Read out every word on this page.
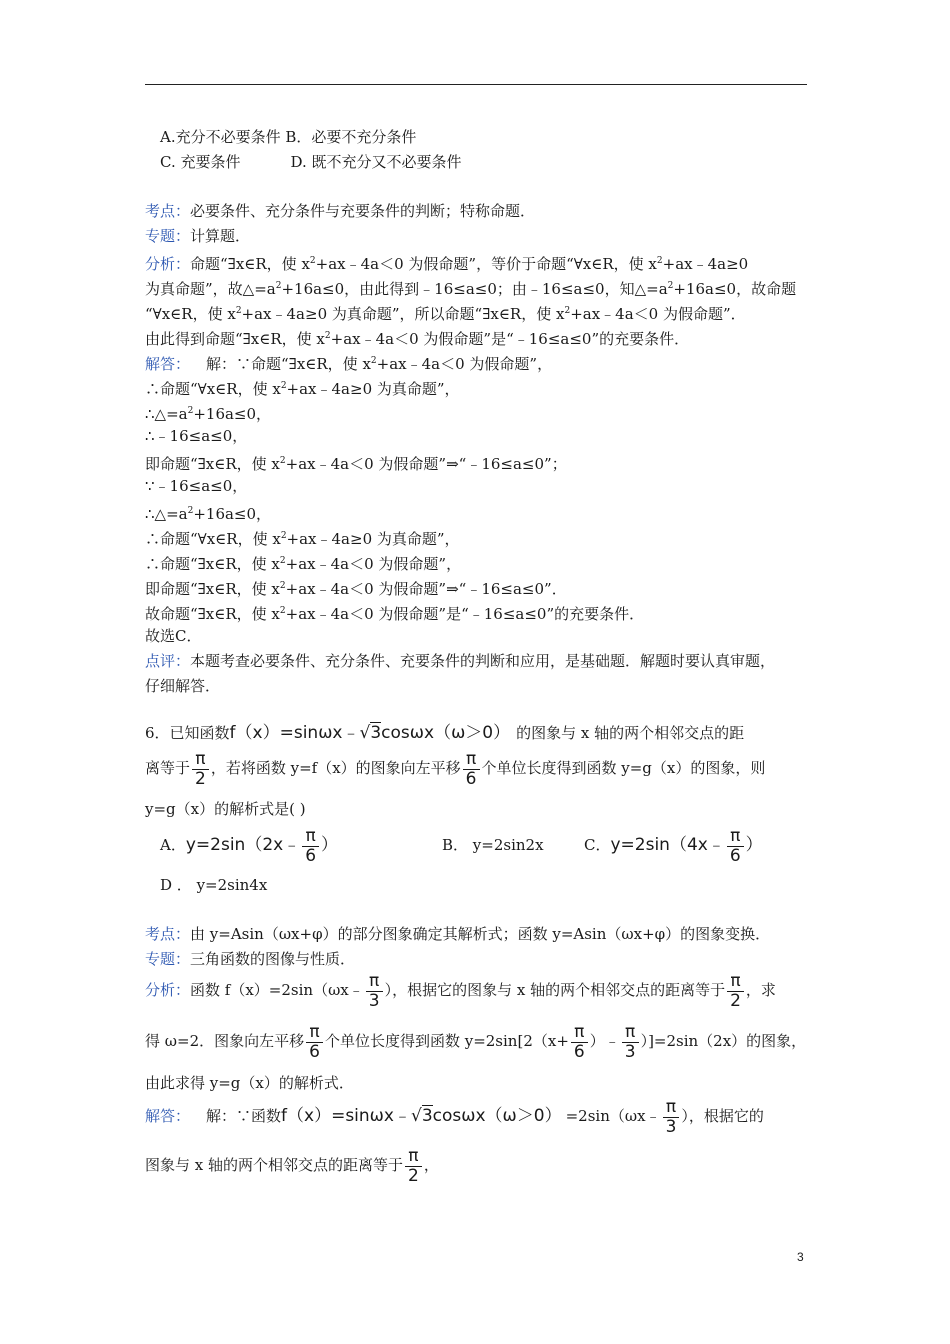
A.充分不必要条件 B．必要不充分条件
C. 充要条件	D. 既不充分又不必要条件
考点：必要条件、充分条件与充要条件的判断；特称命题．
专题：计算题．
分析：命题“∃x∈R，使 $x^2+ax﹣4a<0$ 为假命题”，等价于命题“∀x∈R，使 $x^2+ax﹣4a\ge 0$
为真命题”，故$\triangle=a^2+16a\le 0$，由此得到﹣16≤a≤0；由﹣16≤a≤0，知$\triangle=a^2+16a\le 0$，故命题
“∀x∈R，使 $x^2+ax﹣4a\ge 0$ 为真命题”，所以命题“∃x∈R，使 $x^2+ax﹣4a<0$ 为假命题”．
由此得到命题“∃x∈R，使 $x^2+ax﹣4a<0$ 为假命题”是“﹣16≤a≤0”的充要条件．
解答： 解：∵命题“∃x∈R，使 $x^2+ax﹣4a<0$ 为假命题”，
∴命题“∀x∈R，使 $x^2+ax﹣4a\ge 0$ 为真命题”，
$\therefore\triangle=a^2+16a\le 0$，
∴﹣16≤a≤0，
即命题“∃x∈R，使 $x^2+ax﹣4a<0$ 为假命题”⇒“﹣16≤a≤0”；
∵﹣16≤a≤0，
$\therefore\triangle=a^2+16a\le 0$，
∴命题“∀x∈R，使 $x^2+ax﹣4a\ge 0$ 为真命题”，
∴命题“∃x∈R，使 $x^2+ax﹣4a<0$ 为假命题”，
即命题“∃x∈R，使 $x^2+ax﹣4a<0$ 为假命题”⇒“﹣16≤a≤0”．
故命题“∃x∈R，使 $x^2+ax﹣4a<0$ 为假命题”是“﹣16≤a≤0”的充要条件．
故选C．
点评：本题考查必要条件、充分条件、充要条件的判断和应用，是基础题．解题时要认真审题，
仔细解答．
6．已知函数f（x）=sinωx﹣√3cosωx（ω＞0） 的图象与 x 轴的两个相邻交点的距
离等于 $\frac{\pi}{2}$ ，若将函数 y=f（x）的图象向左平移 $\frac{\pi}{6}$ 个单位长度得到函数 y=g（x）的图象，则
y=g（x）的解析式是( )
A．y=2sin（2x﹣ $\frac{\pi}{6}$ ）	B． y=2sin2x	C．y=2sin（4x﹣ $\frac{\pi}{6}$ ）
D ． y=2sin4x
考点：由 y=Asin（ωx+φ）的部分图象确定其解析式；函数 y=Asin（ωx+φ）的图象变换．
专题：三角函数的图像与性质．
分析：函数 f（x）=2sin（ωx﹣ $\frac{\pi}{3}$ ），根据它的图象与 x 轴的两个相邻交点的距离等于 $\frac{\pi}{2}$ ，求
得 ω=2．图象向左平移 $\frac{\pi}{6}$ 个单位长度得到函数 $y=2\sin[2(x+ \frac{\pi}{6}$ ）﹣ $\frac{\pi}{3} )]=2\sin(2x)$的图象，
由此求得 y=g（x）的解析式．
解答： 解：∵函数f（x）=sinωx﹣√3cosωx（ω＞0） =2sin（ωx﹣ $\frac{\pi}{3}$ ），根据它的
图象与 x 轴的两个相邻交点的距离等于 $\frac{\pi}{2}$ ，
3
